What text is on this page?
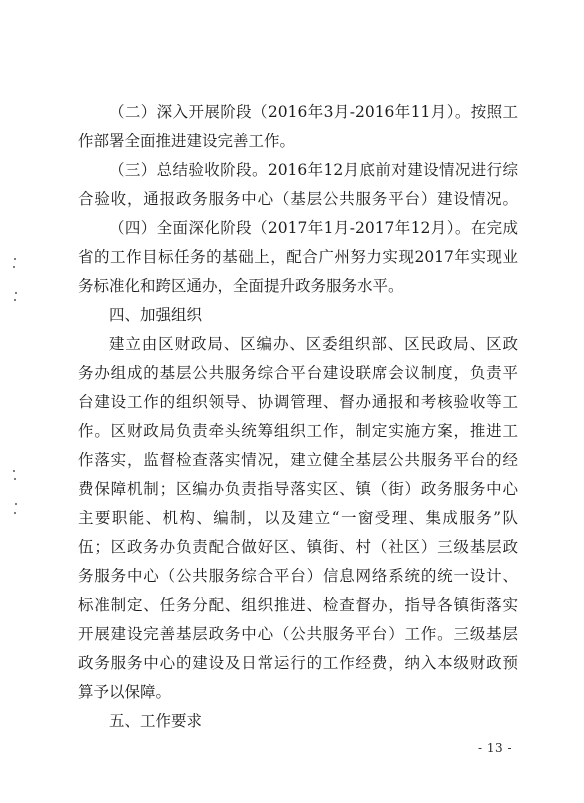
（二）深入开展阶段（2016年3月-2016年11月）。按照工
作部署全面推进建设完善工作。
（三）总结验收阶段。2016年12月底前对建设情况进行综
合验收，通报政务服务中心（基层公共服务平台）建设情况。
（四）全面深化阶段（2017年1月-2017年12月）。在完成
省的工作目标任务的基础上，配合广州努力实现2017年实现业
务标准化和跨区通办，全面提升政务服务水平。
四、加强组织
建立由区财政局、区编办、区委组织部、区民政局、区政
务办组成的基层公共服务综合平台建设联席会议制度，负责平
台建设工作的组织领导、协调管理、督办通报和考核验收等工
作。区财政局负责牵头统筹组织工作，制定实施方案，推进工
作落实，监督检查落实情况，建立健全基层公共服务平台的经
费保障机制；区编办负责指导落实区、镇（街）政务服务中心
主要职能、机构、编制，以及建立“一窗受理、集成服务”队
伍；区政务办负责配合做好区、镇街、村（社区）三级基层政
务服务中心（公共服务综合平台）信息网络系统的统一设计、
标准制定、任务分配、组织推进、检查督办，指导各镇街落实
开展建设完善基层政务中心（公共服务平台）工作。三级基层
政务服务中心的建设及日常运行的工作经费，纳入本级财政预
算予以保障。
五、工作要求
- 13 -
